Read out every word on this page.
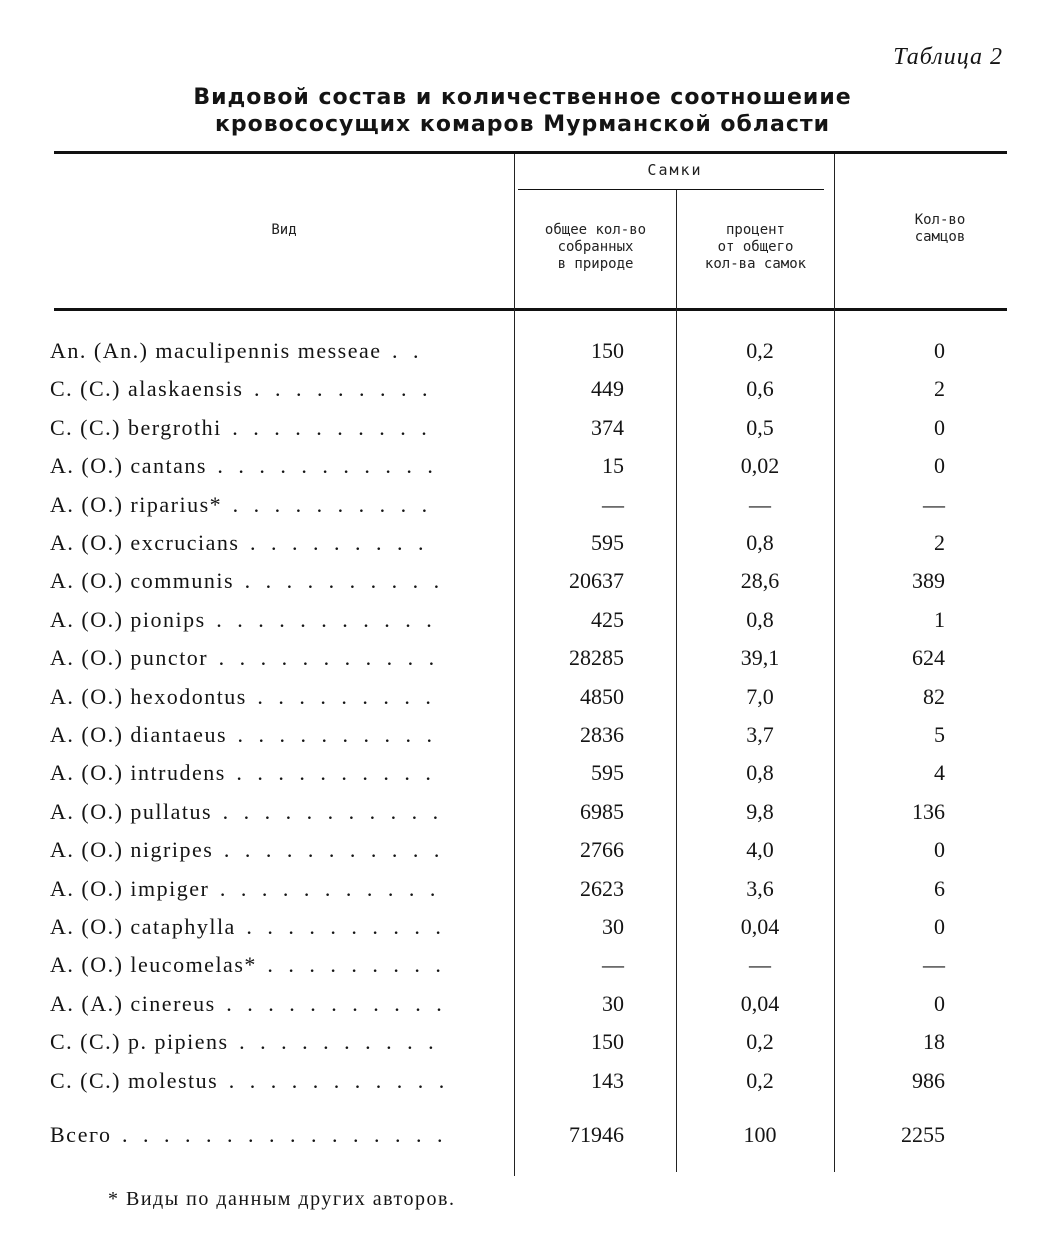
Таблица 2
Видовой состав и количественное соотношеиие
кровососущих комаров Мурманской области
Вид
Самки
общее кол-во
собранных
в природе
процент
от общего
кол-ва самок
Кол-во
самцов
An. (An.) maculipennis messeae . .	150	0,2	0
C. (C.) alaskaensis . . . . . . . . .	449	0,6	2
C. (C.) bergrothi . . . . . . . . . .	374	0,5	0
A. (O.) cantans . . . . . . . . . . .	15	0,02	0
A. (O.) riparius* . . . . . . . . . .	—	—	—
A. (O.) excrucians . . . . . . . . .	595	0,8	2
A. (O.) communis . . . . . . . . . .	20637	28,6	389
A. (O.) pionips . . . . . . . . . . .	425	0,8	1
A. (O.) punctor . . . . . . . . . . .	28285	39,1	624
A. (O.) hexodontus . . . . . . . . .	4850	7,0	82
A. (O.) diantaeus . . . . . . . . . .	2836	3,7	5
A. (O.) intrudens . . . . . . . . . .	595	0,8	4
A. (O.) pullatus . . . . . . . . . . .	6985	9,8	136
A. (O.) nigripes . . . . . . . . . . .	2766	4,0	0
A. (O.) impiger . . . . . . . . . . .	2623	3,6	6
A. (O.) cataphylla . . . . . . . . . .	30	0,04	0
A. (O.) leucomelas* . . . . . . . . .	—	—	—
A. (A.) cinereus . . . . . . . . . . .	30	0,04	0
C. (C.) p. pipiens . . . . . . . . . .	150	0,2	18
C. (C.) molestus . . . . . . . . . . .	143	0,2	986
Всего . . . . . . . . . . . . . . . .	71946	100	2255
* Виды по данным других авторов.
